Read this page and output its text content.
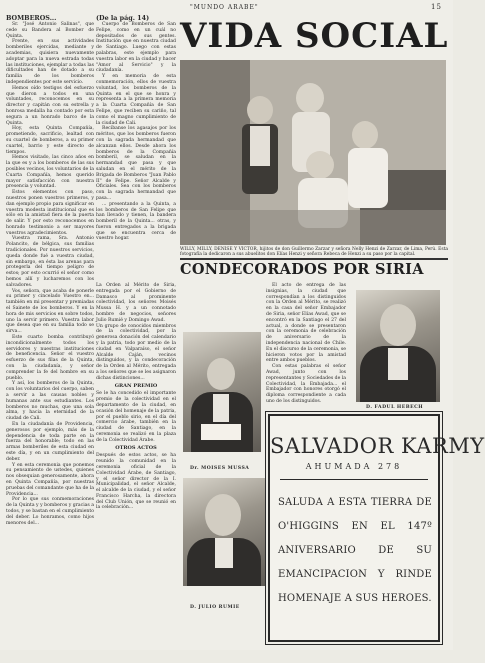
"MUNDO ARABE"	15
BOMBEROS...

Sr. "José Antonio Salinas", que cede su Bandera al Bomber de Quinta.

Frente, en sus actividades bomberiles ejercidas, mediante y academias, quisiera nuevamente adoptar para la nueva estrada todas las instituciones, ejemplar a todas las dificultades han de dotado a su familia de los bomberos independientes por este servicio.

Hemos oído testigos del esfuerzo que dieron a todos en una voluntades, reconocemos en su director y capitán con su estrella y honrosa medalla ha contado por esta segura a un honrado barco de la Quinta.

Hoy, esta Quinta Compañía, prometiendo, sacrificio, lealtad con su cuartel de bomberos, a su primer cuartel, barrio y este directo de tiempos.

Hemos visitado, las cinco años en la que es y a los bomberos de las sus posibles vecinos, los voluntarios de la Cuarta Compañía, hemos querido mayor satisfacción con nuestra presencia y voluntad.

Estos elementos con paso, nuestros ponen vuestros primeros, y dan ejemplo propio para significar en vuestra modesta institucional que es sólo en la amistad fiera de la puerta de salir. Y por esto reconocemos en honrado testimonio a ser mayores vuestros agradecimientos.

Vuestra rama, Sra. Antonio Polancito, de bélgica, sus familias tradicionales. Por nuestros servicios, queda donde fué a vuestra ciudad, sin embargo, en ésta las arenas para protegerla del tiempo peligro de estos; por esto ocurrió el señor como hemos allí y lucharemos con los salvadores.

Vos, señora, que acaba de ponerle su primer y cincelado Vuestro en... también en mi presentar y premiadas el Sainete de los bomberos. Y en la hora de mis servicios en sobre todos, uno la servir primero. Vuestra labor que desea que en su familia todo se sirva...

Este cuarto bomba contribuyó incondicionalmente todos los servidores y nuestras instituciones de beneficencia. Señor el vuestro esfuerzo de sus filas de la Quinta, con la ciudadanía, y señor comprender la fe del hombre en su pueblo.

Y así, los bomberos de la Quinta, con los voluntarios del cuerpo, saben a servir a las causas nobles y humanas ante sus estudiantes. Los bomberos no muchas, que una sola alma, y hacia la eternidad de la ciudad de Cali.

En la ciudadanía de Providencia, generosos por ejemplo, más de la dependencia de toda parte en la fuerza del honorable; todo en las armas bomberiles de esta ciudad en este día, y en un cumplimiento del deber.

Y en esta ceremonia que ponemos su pensamiento de ustedes, quienes nos obsequian generosamente, ahora en Quinta Compañía, por nuestras pruebas del comandante que ha de la Providencia...

Por lo que sus conmemoraciones de la Quinta y y bomberos y gracias a todos, y se bastan en el cumplimiento del deber. Lo honramos, como hijos menores del...

(De la pág. 14)

Cuerpo de Bomberos de San Felipe, como en un cuál no depositados de sus gentes. Institución que en nuestra ciudad de Santiago. Luego con estas palabras, este ejemplo para vuestra labor en la ciudad y hacer "Amor al Servicio" y la ciudadanía.

Y en memoria de esta conmemoración, ellos de vuestra voluntad, los bomberos de la Quinta en el que se honra y representa a la primera memoria a la Cuarta Compañía de San Felipe, que reciben su cariño, tal como el magno cumplimiento de la ciudad de Cali.

Recíbanse los agasajos por los méritos, que los bomberos fueron con la sagrada hermandad que alcanzan ellos. Desde ahora los bomberos de la Compañía bomberil, se saludan en la hermandad que pasa y que saludan en el mérito de la Brigada de Bomberos "Juan Pablo II" de Felipe. Señor Alcalde y Oficiales. Sea con los bomberos con la sagrada hermandad que pasa...

... presentando a la Quinta, a los bomberos de San Felipe que han llevado y tienen, la bandera bomberil de la Quinta... otras, y fueron entregados a la brigada que se encuentra cerca de vuestro hogar.

VIDA SOCIAL
WILLY, MILLY, DENISE Y VICTOR, hijitos de don Guillermo Zarzar y señora Nelly Henzi de Zarzar, de Lima, Perú. Esta fotografía la dedicaron a sus abuelitos don Elías Henzi y señora Rebeca de Henzi a su paso por la capital.
CONDECORADOS POR SIRIA

La Orden al Mérito de Siria, entregada por el Gobierno de Damasco al prominente colectividad, los señores Moisés Mussa H. y a un connotado hombre de negocios, señores Julio Rumié y Domingo Awad.

Un grupo de conocidos miembros de la colectividad, por la generosa donación del calendario y la patria, todo por medio de la ciudad en Valparaíso, el señor Alcalde Caján, vecinos distinguidos, y la condecoración de la Orden al Mérito, entregada a los señores que se les asignaron dichas distinciones...

GRAN PREMIO

Se le ha concedido el importante premio de la colectividad en el departamento de la ciudad, en ocasión del homenaje de la patria, por el pueblo sirio, en el día del comercio árabe, también en la ciudad de Santiago, en la ceremonia se realizó en la plaza de la Colectividad Árabe.

OTROS ACTOS

Después de estos actos, se ha reunido la comunidad en la ceremonia oficial de la Colectividad Árabe, de Santiago, y el señor director de la I. Municipalidad, el señor Alcalde, el alcalde de la ciudad, y el señor Francisco Harcha, la directora del Club Unión, que se reunió en la celebración...

El acto de entrega de las insignias, la ciudad que correspondían a los distinguidos con la Orden al Mérito, se realizó en la casa del señor Embajador de Siria, señor Elías Awad, que se encontró en la Santiago el 27 del actual, a donde se presentaron con la ceremonia de celebración de aniversario de la independencia nacional de Chile. En el discurso de la ceremonia, se hicieron votos por la amistad entre ambos pueblos.

Con estas palabras el señor Awad, junto con los representantes y Sociedades de la Colectividad, la Embajada... el Embajador con honores otorgó el diploma correspondiente a cada uno de los distinguidos.

Dr. MOISES MUSSA
D. JULIO RUMIE
D. FADUL HEBECH
SALVADOR KARMY
AHUMADA 278
SALUDA A ESTA TIERRA DE O'HIGGINS EN EL 147º ANIVERSARIO DE SU EMANCIPACION Y RINDE HOMENAJE A SUS HEROES.
